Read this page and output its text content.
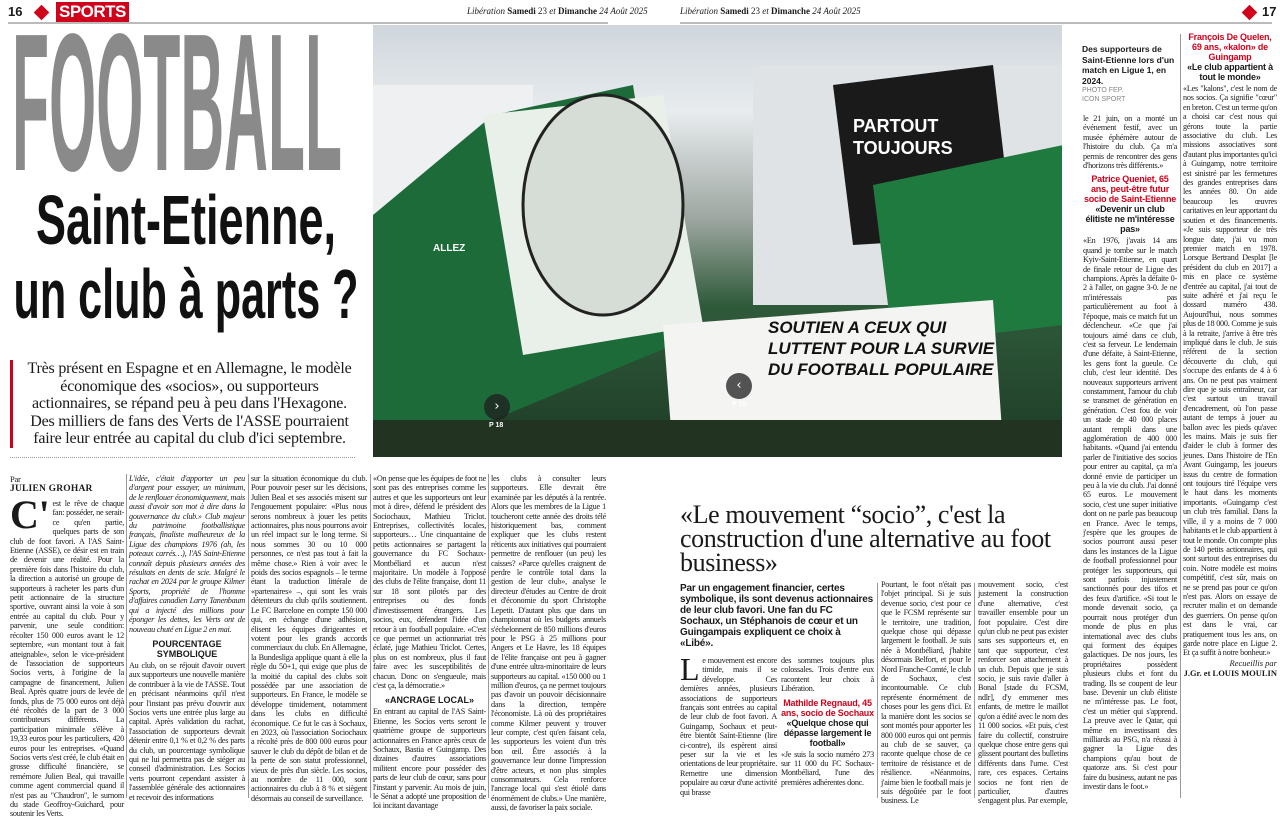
16 SPORTS	Libération Samedi 23 et Dimanche 24 Août 2025	Libération Samedi 23 et Dimanche 24 Août 2025	17
FOOTBALL
Saint-Etienne,
un club à parts ?
Très présent en Espagne et en Allemagne, le modèle économique des «socios», ou supporteurs actionnaires, se répand peu à peu dans l'Hexagone. Des milliers de fans des Verts de l'ASSE pourraient faire leur entrée au capital du club d'ici septembre.
Par
JULIEN GROHAR

C' est le rêve de chaque fan: posséder, ne serait-ce qu'en partie, quelques parts de son club de foot favori. A l'AS Saint-Etienne (ASSE), ce désir est en train de devenir une réalité. Pour la première fois dans l'histoire du club, la direction a autorisé un groupe de supporteurs à racheter les parts d'un petit actionnaire de la structure sportive, ouvrant ainsi la voie à son entrée au capital du club. Pour y parvenir, une seule condition: récolter 150 000 euros avant le 12 septembre, «un montant tout à fait atteignable», selon le vice-président de l'association de supporteurs Socios verts, à l'origine de la campagne de financement, Julien Beal. Après quatre jours de levée de fonds, plus de 75 000 euros ont déjà été récoltés de la part de 3 000 contributeurs différents. La participation minimale s'élève à 19,33 euros pour les particuliers, 420 euros pour les entreprises. «Quand Socios verts s'est créé, le club était en grosse difficulté financière, se remémore Julien Beal, qui travaille comme agent commercial quand il n'est pas au "Chaudron", le surnom du stade Geoffroy-Guichard, pour soutenir les Verts.

L'idée, c'était d'apporter un peu d'argent pour essayer, un minimum, de le renflouer économiquement, mais aussi d'avoir son mot à dire dans la gouvernance du club.» Club majeur du patrimoine footballistique français, finaliste malheureux de la Ligue des champions 1976 (ah, les poteaux carrés…), l'AS Saint-Etienne connaît depuis plusieurs années des résultats en dents de scie. Malgré le rachat en 2024 par le groupe Kilmer Sports, propriété de l'homme d'affaires canadien Larry Tanenbaum qui a injecté des millions pour éponger les dettes, les Verts ont de nouveau chuté en Ligue 2 en mai.

POURCENTAGE SYMBOLIQUE

Au club, on se réjouit d'avoir ouvert aux supporteurs une nouvelle manière de contribuer à la vie de l'ASSE. Tout en précisant néanmoins qu'il n'est pour l'instant pas prévu d'ouvrir aux Socios verts une entrée plus large au capital. Après validation du rachat, l'association de supporteurs devrait détenir entre 0,1 % et 0,2 % des parts du club, un pourcentage symbolique qui ne lui permettra pas de siéger au conseil d'administration. Les Socios verts pourront cependant assister à l'assemblée générale des actionnaires et recevoir des informations

sur la situation économique du club. Pour pouvoir peser sur les décisions, Julien Beal et ses associés misent sur l'engouement populaire: «Plus nous serons nombreux à jouer les petits actionnaires, plus nous pourrons avoir un réel impact sur le long terme. Si nous sommes 30 ou 10 000 personnes, ce n'est pas tout à fait la même chose.» Rien à voir avec le poids des socios espagnols – le terme étant la traduction littérale de «partenaires» –, qui sont les vrais détenteurs du club qu'ils soutiennent. Le FC Barcelone en compte 150 000 qui, en échange d'une adhésion, élisent les équipes dirigeantes et votent pour les grands accords commerciaux du club. En Allemagne, la Bundesliga applique quant à elle la règle du 50+1, qui exige que plus de la moitié du capital des clubs soit possédée par une association de supporteurs. En France, le modèle se développe timidement, notamment dans les clubs en difficulté économique. Ce fut le cas à Sochaux, en 2023, où l'association Sociochaux a récolté près de 800 000 euros pour sauver le club du dépôt de bilan et de la perte de son statut professionnel, vieux de près d'un siècle. Les socios, au nombre de 11 000, sont actionnaires du club à 8 % et siègent désormais au conseil de surveillance.

«On pense que les équipes de foot ne sont pas des entreprises comme les autres et que les supporteurs ont leur mot à dire», défend le président des Sociochaux, Mathieu Triclot. Entreprises, collectivités locales, supporteurs… Une cinquantaine de petits actionnaires se partagent la gouvernance du FC Sochaux-Montbéliard et aucun n'est majoritaire. Un modèle à l'opposé des clubs de l'élite française, dont 11 sur 18 sont pilotés par des entreprises ou des fonds d'investissement étrangers. Les socios, eux, défendent l'idée d'un retour à un football populaire. «C'est ce que permet un actionnariat très éclaté, juge Mathieu Triclot. Certes, plus on est nombreux, plus il faut faire avec les susceptibilités de chacun. Donc on s'engueule, mais c'est ça, la démocratie.»

«ANCRAGE LOCAL»

En entrant au capital de l'AS Saint-Etienne, les Socios verts seront le quatrième groupe de supporteurs actionnaires en France après ceux de Sochaux, Bastia et Guingamp. Des dizaines d'autres associations militent encore pour posséder des parts de leur club de cœur, sans pour l'instant y parvenir. Au mois de juin, le Sénat a adopté une proposition de loi incitant davantage

les clubs à consulter leurs supporteurs. Elle devrait être examinée par les députés à la rentrée. Alors que les membres de la Ligue 1 toucheront cette année des droits télé historiquement bas, comment expliquer que les clubs restent réticents aux initiatives qui pourraient permettre de renflouer (un peu) les caisses? «Parce qu'elles craignent de perdre le contrôle total dans la gestion de leur club», analyse le directeur d'études au Centre de droit et d'économie du sport Christophe Lepetit. D'autant plus que dans un championnat où les budgets annuels s'échelonnent de 850 millions d'euros pour le PSG à 25 millions pour Angers et Le Havre, les 18 équipes de l'élite française ont peu à gagner d'une entrée ultra-minoritaire de leurs supporteurs au capital. «150 000 ou 1 million d'euros, ça ne permet toujours pas d'avoir un pouvoir décisionnaire dans la direction, tempère l'économiste. Là où des propriétaires comme Kilmer peuvent y trouver leur compte, c'est qu'en faisant cela, les supporteurs les voient d'un très bon œil. Être associés à la gouvernance leur donne l'impression d'être acteurs, et non plus simples consommateurs. Cela renforce l'ancrage local qui s'est étiolé dans énormément de clubs.» Une manière, aussi, de favoriser la paix sociale.
SOUTIEN A CEUX QUI LUTTENT POUR LA SURVIE DU FOOTBALL POPULAIRE
PARTOUT TOUJOURS
ALLEZ
›
P 18
‹
P 15
Des supporteurs de Saint-Etienne lors d'un match en Ligue 1, en 2024.
PHOTO FEP.
ICON SPORT
«Le mouvement “socio”, c'est la construction d'une alternative au foot business»
Par un engagement financier, certes symbolique, ils sont devenus actionnaires de leur club favori. Une fan du FC Sochaux, un Stéphanois de cœur et un Guingampais expliquent ce choix à «Libé».

Le mouvement est encore timide, mais il se développe. Ces dernières années, plusieurs associations de supporteurs français sont entrées au capital de leur club de foot favori. A Guingamp, Sochaux et peut-être bientôt Saint-Etienne (lire ci-contre), ils espèrent ainsi peser sur la vie et les orientations de leur propriétaire. Remettre une dimension populaire au cœur d'une activité qui brasse

des sommes toujours plus colossales. Trois d'entre eux racontent leur choix à Libération.

Mathilde Regnaud, 45 ans, socio de Sochaux
«Quelque chose qui dépasse largement le football»

«Je suis la socio numéro 273 sur 11 000 du FC Sochaux-Montbéliard, l'une des premières adhérentes donc.

Pourtant, le foot n'était pas l'objet principal. Si je suis devenue socio, c'est pour ce que le FCSM représente sur le territoire, une tradition, quelque chose qui dépasse largement le football. Je suis née à Montbéliard, j'habite désormais Belfort, et pour le Nord Franche-Comté, le club de Sochaux, c'est incontournable. Ce club représente énormément de choses pour les gens d'ici. Et la manière dont les socios se sont montés pour apporter les 800 000 euros qui ont permis au club de se sauver, ça raconte quelque chose de ce territoire de résistance et de résilience. «Néanmoins, j'aime bien le football mais je suis dégoûtée par le foot business. Le
mouvement socio, c'est justement la construction d'une alternative, c'est travailler ensemble pour un foot populaire. C'est dire qu'un club ne peut pas exister sans ses supporteurs et, en tant que supporteur, c'est renforcer son attachement à un club. Depuis que je suis socio, je suis ravie d'aller à Bonal [stade du FCSM, ndlr], d'y emmener mes enfants, de mettre le maillot qu'on a édité avec le nom des 11 000 socios. «Et puis, c'est faire du collectif, construire quelque chose entre gens qui glissent pourtant des bulletins différents dans l'urne. C'est rare, ces espaces. Certains socios ne font rien de particulier, d'autres s'engagent plus. Par exemple,

le 21 juin, on a monté un événement festif, avec un musée éphémère autour de l'histoire du club. Ça m'a permis de rencontrer des gens d'horizons très différents.»

Patrice Queniet, 65 ans, peut-être futur socio de Saint-Etienne
«Devenir un club élitiste ne m'intéresse pas»

«En 1976, j'avais 14 ans quand je tombe sur le match Kyiv-Saint-Etienne, en quart de finale retour de Ligue des champions. Après la défaite 0-2 à l'aller, on gagne 3-0. Je ne m'intéressais pas particulièrement au foot à l'époque, mais ce match fut un déclencheur. «Ce que j'ai toujours aimé dans ce club, c'est sa ferveur. Le lendemain d'une défaite, à Saint-Etienne, les gens font la gueule. Ce club, c'est leur identité. Des nouveaux supporteurs arrivent constamment, l'amour du club se transmet de génération en génération. C'est fou de voir un stade de 40 000 places autant rempli dans une agglomération de 400 000 habitants. «Quand j'ai entendu parler de l'initiative des socios pour entrer au capital, ça m'a donné envie de participer un peu à la vie du club. J'ai donné 65 euros. Le mouvement socio, c'est une super initiative dont on ne parle pas beaucoup en France. Avec le temps, j'espère que les groupes de socios pourront aussi peser dans les instances de la Ligue de football professionnel pour protéger les supporteurs, qui sont parfois injustement sanctionnés pour des tifos et des feux d'artifice. «Si tout le monde devenait socio, ça pourrait nous protéger d'un monde de plus en plus international avec des clubs qui forment des équipes galactiques. De nos jours, les propriétaires possèdent plusieurs clubs et font du trading. Ils se coupent de leur base. Devenir un club élitiste ne m'intéresse pas. Le foot, c'est un métier qui s'apprend. La preuve avec le Qatar, qui même en investissant des milliards au PSG, n'a réussi à gagner la Ligue des champions qu'au bout de quatorze ans. Si c'est pour faire du business, autant ne pas investir dans le foot.»

François De Quelen, 69 ans, «kalon» de Guingamp
«Le club appartient à tout le monde»

«Les "kalons", c'est le nom de nos socios. Ça signifie "cœur" en breton. C'est un terme qu'on a choisi car c'est nous qui gérons toute la partie associative du club. Les missions associatives sont d'autant plus importantes qu'ici à Guingamp, notre territoire est sinistré par les fermetures des grandes entreprises dans les années 80. On aide beaucoup les œuvres caritatives en leur apportant du soutien et des financements. «Je suis supporteur de très longue date, j'ai vu mon premier match en 1978. Lorsque Bertrand Desplat [le président du club en 2017] a mis en place ce système d'entrée au capital, j'ai tout de suite adhéré et j'ai reçu le dossard numéro 438. Aujourd'hui, nous sommes plus de 18 000. Comme je suis à la retraite, j'arrive à être très impliqué dans le club. Je suis référent de la section découverte du club, qui s'occupe des enfants de 4 à 6 ans. On ne peut pas vraiment dire que je suis entraîneur, car c'est surtout un travail d'encadrement, où l'on passe autant de temps à jouer au ballon avec les pieds qu'avec les mains. Mais je suis fier d'aider le club à former des jeunes. Dans l'histoire de l'En Avant Guingamp, les joueurs issus du centre de formation ont toujours tiré l'équipe vers le haut dans les moments importants. «Guingamp c'est un club très familial. Dans la ville, il y a moins de 7 000 habitants et le club appartient à tout le monde. On compte plus de 140 petits actionnaires, qui sont surtout des entreprises du coin. Notre modèle est moins compétitif, c'est sûr, mais on ne se prend pas pour ce qu'on n'est pas. Alors on essaye de recruter malin et on demande des guerriers. On pense qu'on est dans le vrai, car pratiquement tous les ans, on garde notre place en Ligue 2. Et ça suffit à notre bonheur.»

Recueillis par
J.Gr. et LOUIS MOULIN
